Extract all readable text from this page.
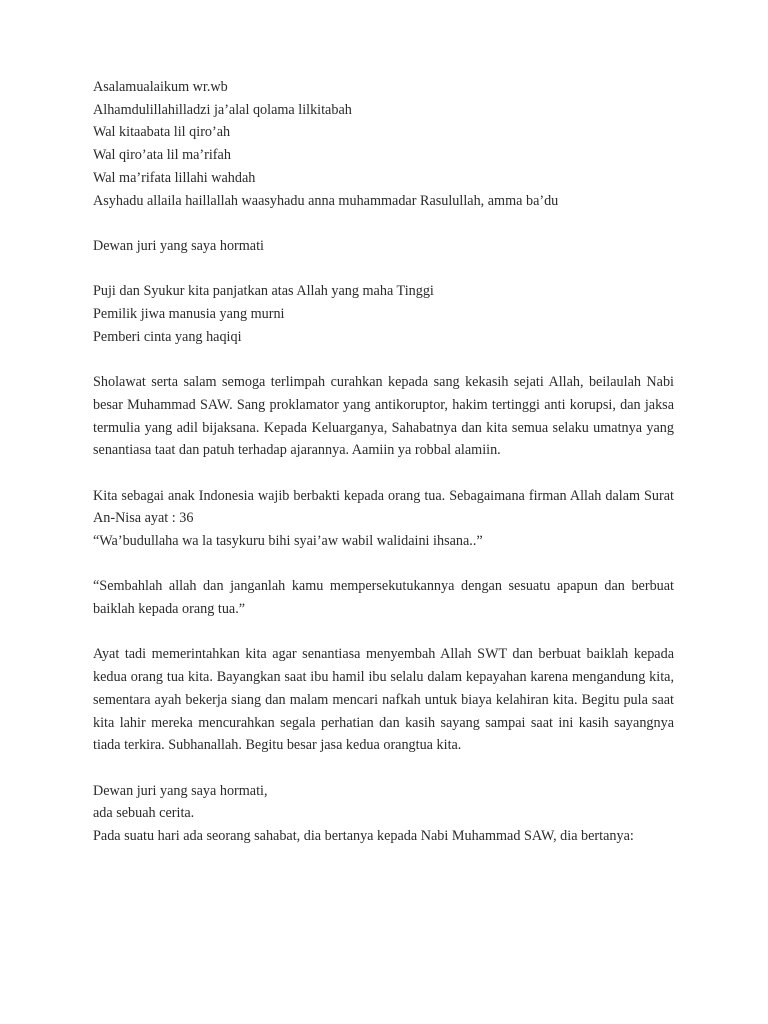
Asalamualaikum wr.wb
Alhamdulillahilladzi ja’alal qolama lilkitabah
Wal kitaabata lil qiro’ah
Wal qiro’ata lil ma’rifah
Wal ma’rifata lillahi wahdah
Asyhadu allaila haillallah waasyhadu anna muhammadar Rasulullah, amma ba’du
Dewan juri yang saya hormati
Puji dan Syukur kita panjatkan atas Allah yang maha Tinggi
Pemilik jiwa manusia yang murni
Pemberi cinta yang haqiqi

Sholawat serta salam semoga terlimpah curahkan kepada sang kekasih sejati Allah, beilaulah Nabi besar Muhammad SAW. Sang proklamator yang antikoruptor, hakim tertinggi anti korupsi, dan jaksa termulia yang adil bijaksana. Kepada Keluarganya, Sahabatnya dan kita semua selaku umatnya yang senantiasa taat dan patuh terhadap ajarannya. Aamiin ya robbal alamiin.

Kita sebagai anak Indonesia wajib berbakti kepada orang tua. Sebagaimana firman Allah dalam Surat An-Nisa ayat : 36

“Wa’budullaha wa la tasykuru bihi syai’aw wabil walidaini ihsana..”

“Sembahlah allah dan janganlah kamu mempersekutukannya dengan sesuatu apapun dan berbuat baiklah kepada orang tua.”

Ayat tadi memerintahkan kita agar senantiasa menyembah Allah SWT dan berbuat baiklah kepada kedua orang tua kita. Bayangkan saat ibu hamil ibu selalu dalam kepayahan karena mengandung kita, sementara ayah bekerja siang dan malam mencari nafkah untuk biaya kelahiran kita. Begitu pula saat kita lahir mereka mencurahkan segala perhatian dan kasih sayang sampai saat ini kasih sayangnya tiada terkira. Subhanallah. Begitu besar jasa kedua orangtua kita.

Dewan juri yang saya hormati,
ada sebuah cerita.

Pada suatu hari ada seorang sahabat, dia bertanya kepada Nabi Muhammad SAW, dia bertanya:
